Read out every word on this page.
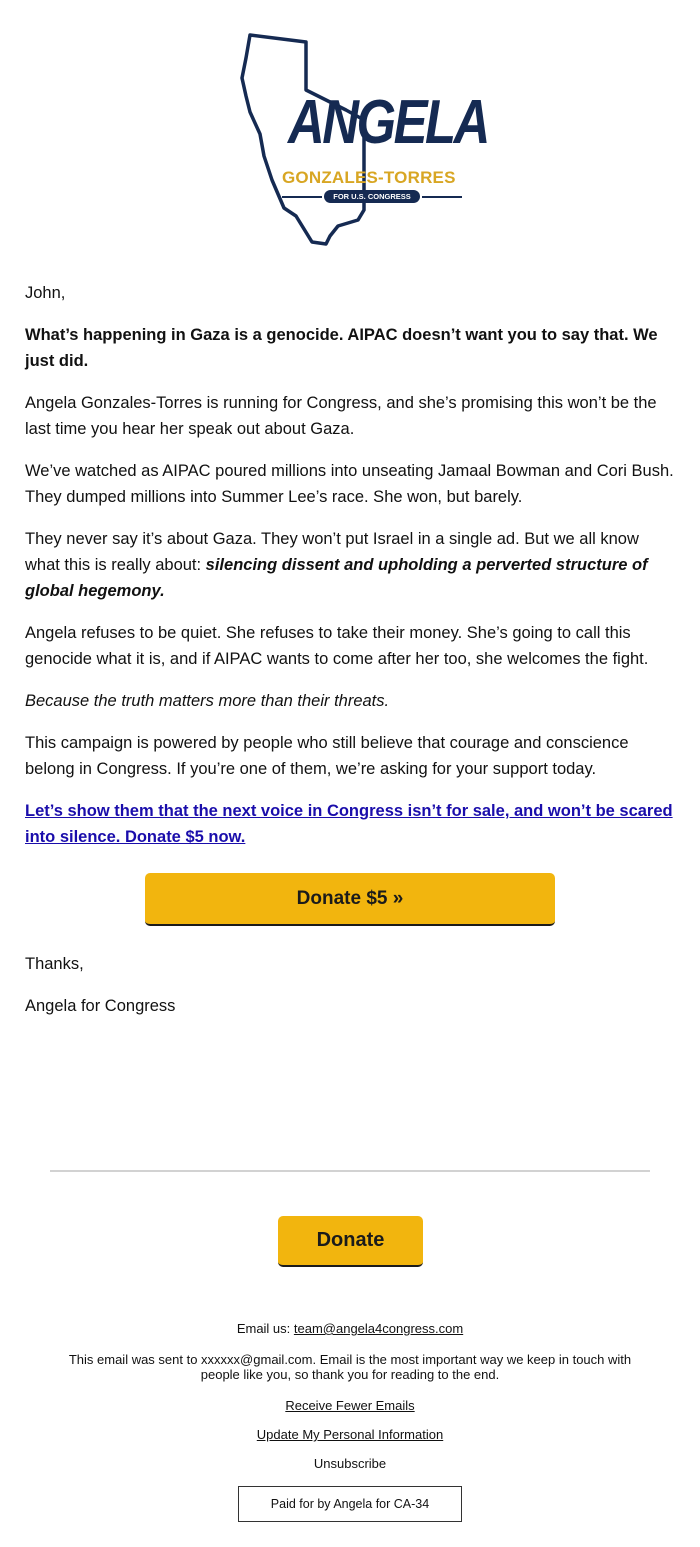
ANGELA
GONZALES-TORRES
FOR U.S. CONGRESS

John,

What’s happening in Gaza is a genocide. AIPAC doesn’t want you to say that. We just did.

Angela Gonzales-Torres is running for Congress, and she’s promising this won’t be the last time you hear her speak out about Gaza.

We’ve watched as AIPAC poured millions into unseating Jamaal Bowman and Cori Bush. They dumped millions into Summer Lee’s race. She won, but barely.

They never say it’s about Gaza. They won’t put Israel in a single ad. But we all know what this is really about: silencing dissent and upholding a perverted structure of global hegemony.

Angela refuses to be quiet. She refuses to take their money. She’s going to call this genocide what it is, and if AIPAC wants to come after her too, she welcomes the fight.

Because the truth matters more than their threats.

This campaign is powered by people who still believe that courage and conscience belong in Congress. If you’re one of them, we’re asking for your support today.

Let’s show them that the next voice in Congress isn’t for sale, and won’t be scared into silence. Donate $5 now.

Donate $5 »
Thanks,
Angela for Congress
Donate
Email us: team@angela4congress.com
This email was sent to xxxxxx@gmail.com. Email is the most important way we keep in touch with people like you, so thank you for reading to the end.
Receive Fewer Emails
Update My Personal Information
Unsubscribe
Paid for by Angela for CA-34
